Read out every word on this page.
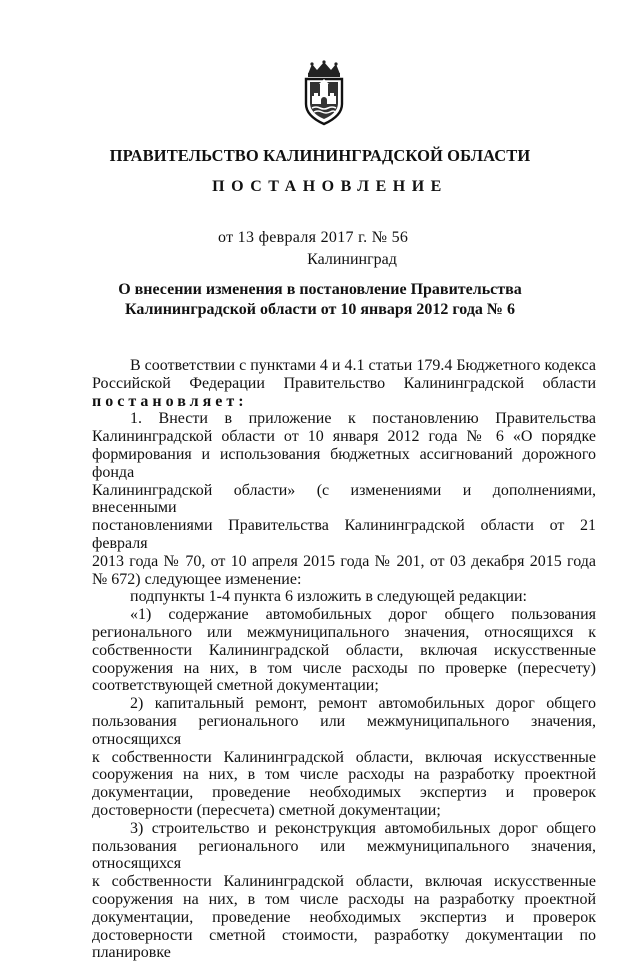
ПРАВИТЕЛЬСТВО КАЛИНИНГРАДСКОЙ ОБЛАСТИ
ПОСТАНОВЛЕНИЕ
от 13 февраля 2017 г. № 56
Калининград
О внесении изменения в постановление Правительства
Калининградской области от 10 января 2012 года № 6

В соответствии с пунктами 4 и 4.1 статьи 179.4 Бюджетного кодекса

Российской Федерации Правительство Калининградской области

постановляет:

1. Внести в приложение к постановлению Правительства

Калининградской области от 10 января 2012 года № 6 «О порядке

формирования и использования бюджетных ассигнований дорожного фонда

Калининградской области» (с изменениями и дополнениями, внесенными

постановлениями Правительства Калининградской области от 21 февраля

2013 года № 70, от 10 апреля 2015 года № 201, от 03 декабря 2015 года

№ 672) следующее изменение:

подпункты 1-4 пункта 6 изложить в следующей редакции:

«1) содержание автомобильных дорог общего пользования

регионального или межмуниципального значения, относящихся к

собственности Калининградской области, включая искусственные

сооружения на них, в том числе расходы по проверке (пересчету)

соответствующей сметной документации;

2) капитальный ремонт, ремонт автомобильных дорог общего

пользования регионального или межмуниципального значения, относящихся

к собственности Калининградской области, включая искусственные

сооружения на них, в том числе расходы на разработку проектной

документации, проведение необходимых экспертиз и проверок

достоверности (пересчета) сметной документации;

3) строительство и реконструкция автомобильных дорог общего

пользования регионального или межмуниципального значения, относящихся

к собственности Калининградской области, включая искусственные

сооружения на них, в том числе расходы на разработку проектной

документации, проведение необходимых экспертиз и проверок

достоверности сметной стоимости, разработку документации по планировке
